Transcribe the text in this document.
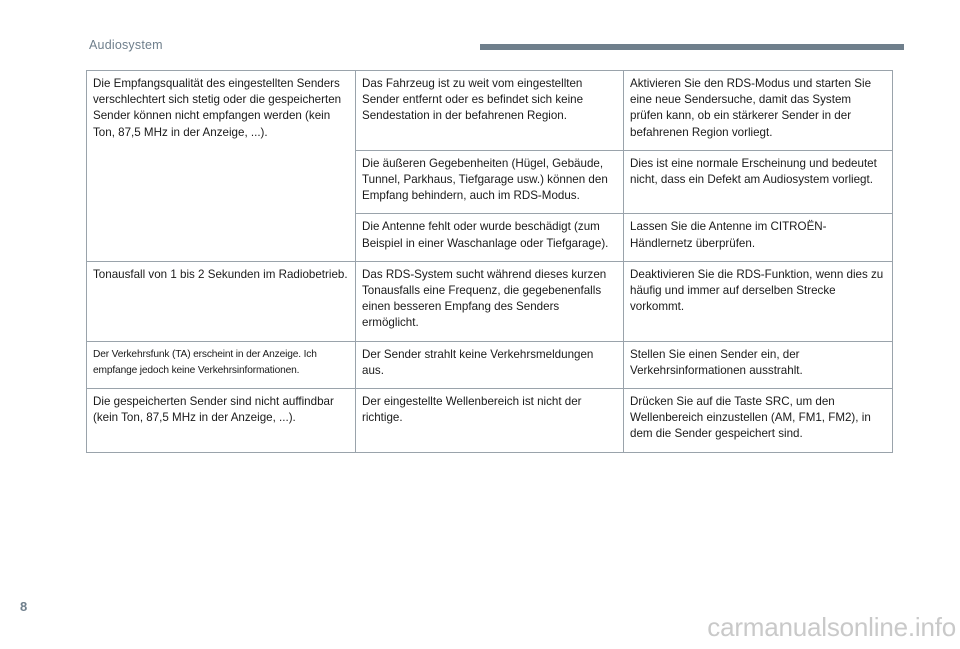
Audiosystem
Die Empfangsqualität des eingestellten Senders verschlechtert sich stetig oder die gespeicherten Sender können nicht empfangen werden (kein Ton, 87,5 MHz in der Anzeige, ...).	Das Fahrzeug ist zu weit vom eingestellten Sender entfernt oder es befindet sich keine Sendestation in der befahrenen Region.	Aktivieren Sie den RDS-Modus und starten Sie eine neue Sendersuche, damit das System prüfen kann, ob ein stärkerer Sender in der befahrenen Region vorliegt.
	Die äußeren Gegebenheiten (Hügel, Gebäude, Tunnel, Parkhaus, Tiefgarage usw.) können den Empfang behindern, auch im RDS-Modus.	Dies ist eine normale Erscheinung und bedeutet nicht, dass ein Defekt am Audiosystem vorliegt.
	Die Antenne fehlt oder wurde beschädigt (zum Beispiel in einer Waschanlage oder Tiefgarage).	Lassen Sie die Antenne im CITROËN-Händlernetz überprüfen.
Tonausfall von 1 bis 2 Sekunden im Radiobetrieb.	Das RDS-System sucht während dieses kurzen Tonausfalls eine Frequenz, die gegebenenfalls einen besseren Empfang des Senders ermöglicht.	Deaktivieren Sie die RDS-Funktion, wenn dies zu häufig und immer auf derselben Strecke vorkommt.
Der Verkehrsfunk (TA) erscheint in der Anzeige. Ich empfange jedoch keine Verkehrsinformationen.	Der Sender strahlt keine Verkehrsmeldungen aus.	Stellen Sie einen Sender ein, der Verkehrsinformationen ausstrahlt.
Die gespeicherten Sender sind nicht auffindbar (kein Ton, 87,5 MHz in der Anzeige, ...).	Der eingestellte Wellenbereich ist nicht der richtige.	Drücken Sie auf die Taste SRC, um den Wellenbereich einzustellen (AM, FM1, FM2), in dem die Sender gespeichert sind.
8
carmanualsonline.info
